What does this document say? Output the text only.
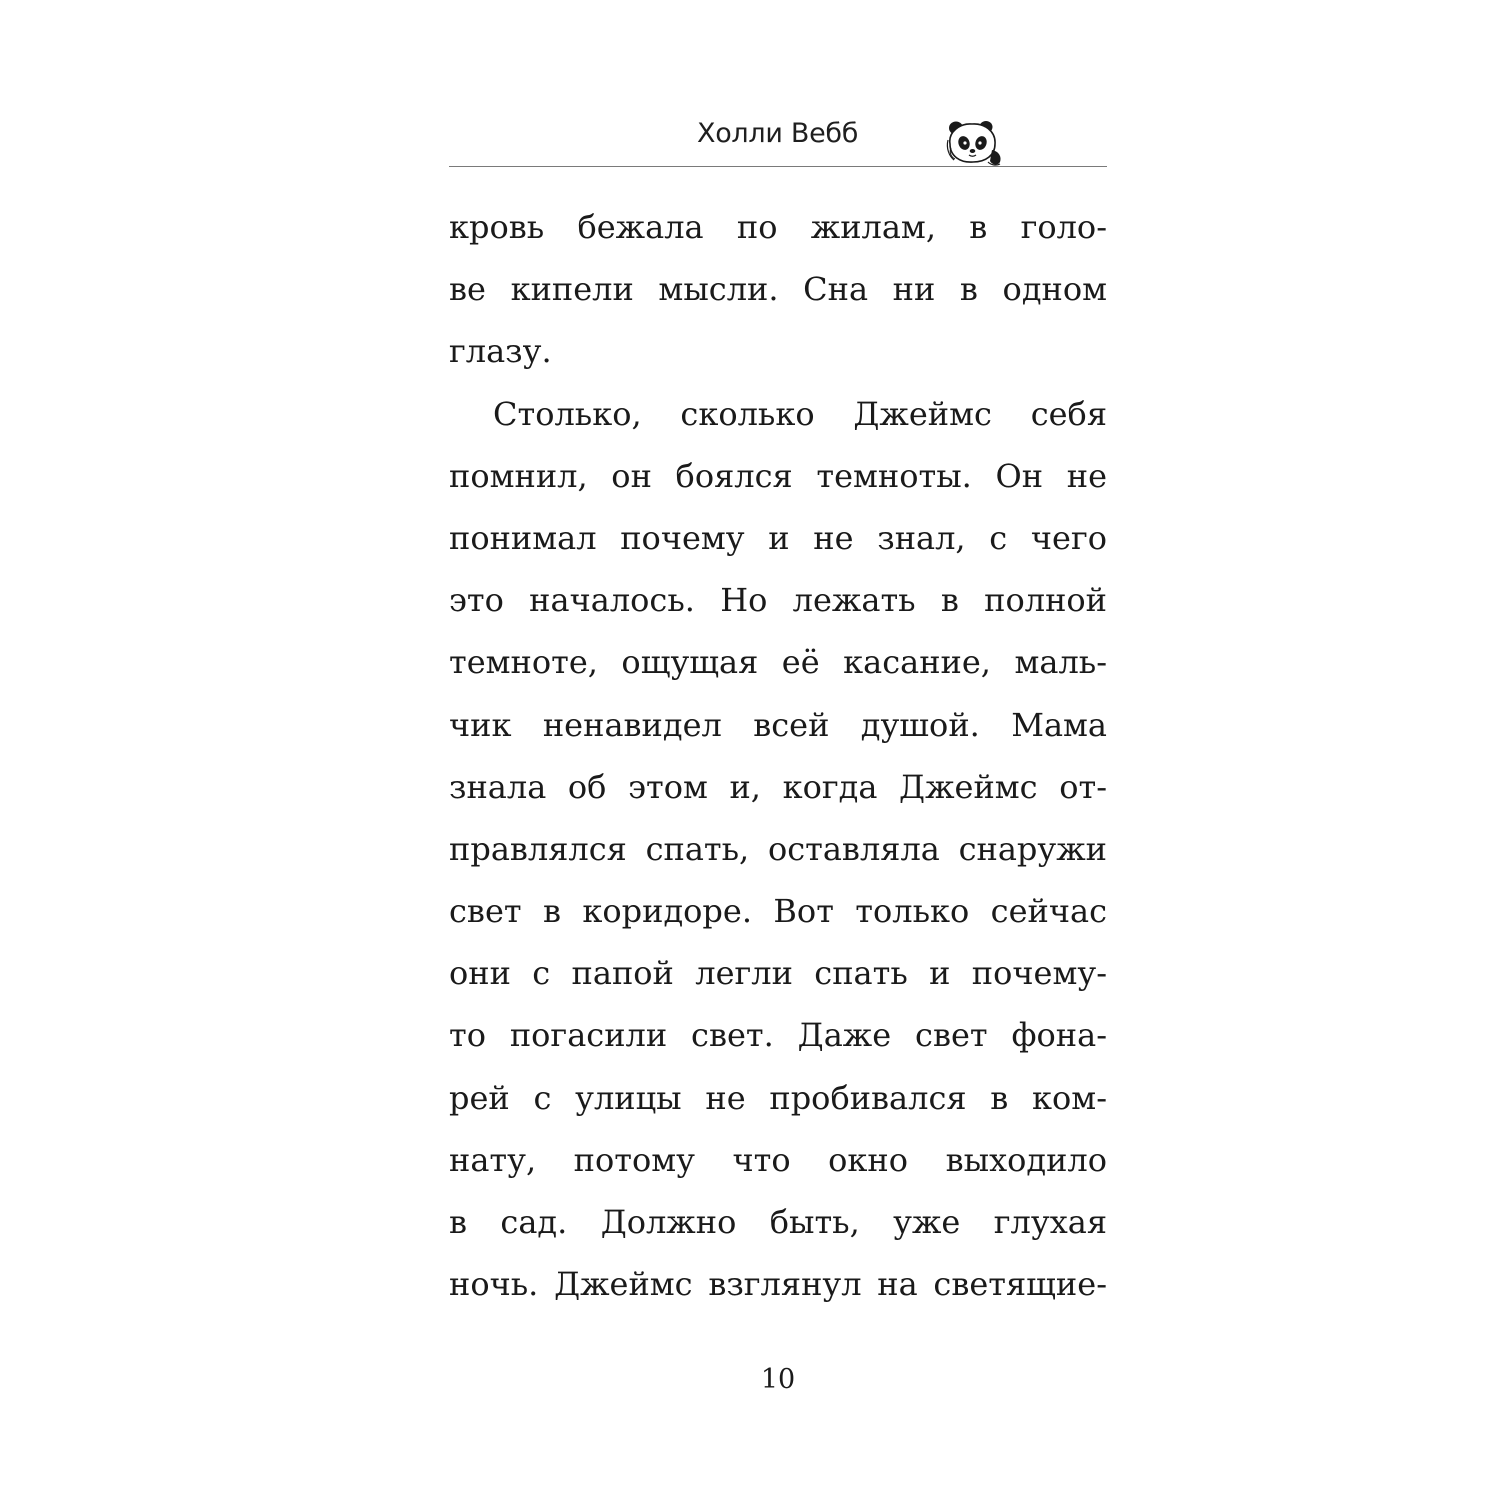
Холли Вебб
кровь бежала по жилам, в голо-
ве кипели мысли. Сна ни в одном
глазу.
Столько, сколько Джеймс себя
помнил, он боялся темноты. Он не
понимал почему и не знал, с чего
это началось. Но лежать в полной
темноте, ощущая её касание, маль-
чик ненавидел всей душой. Мама
знала об этом и, когда Джеймс от-
правлялся спать, оставляла снаружи
свет в коридоре. Вот только сейчас
они с папой легли спать и почему-
то погасили свет. Даже свет фона-
рей с улицы не пробивался в ком-
нату, потому что окно выходило
в сад. Должно быть, уже глухая
ночь. Джеймс взглянул на светящие-
10
